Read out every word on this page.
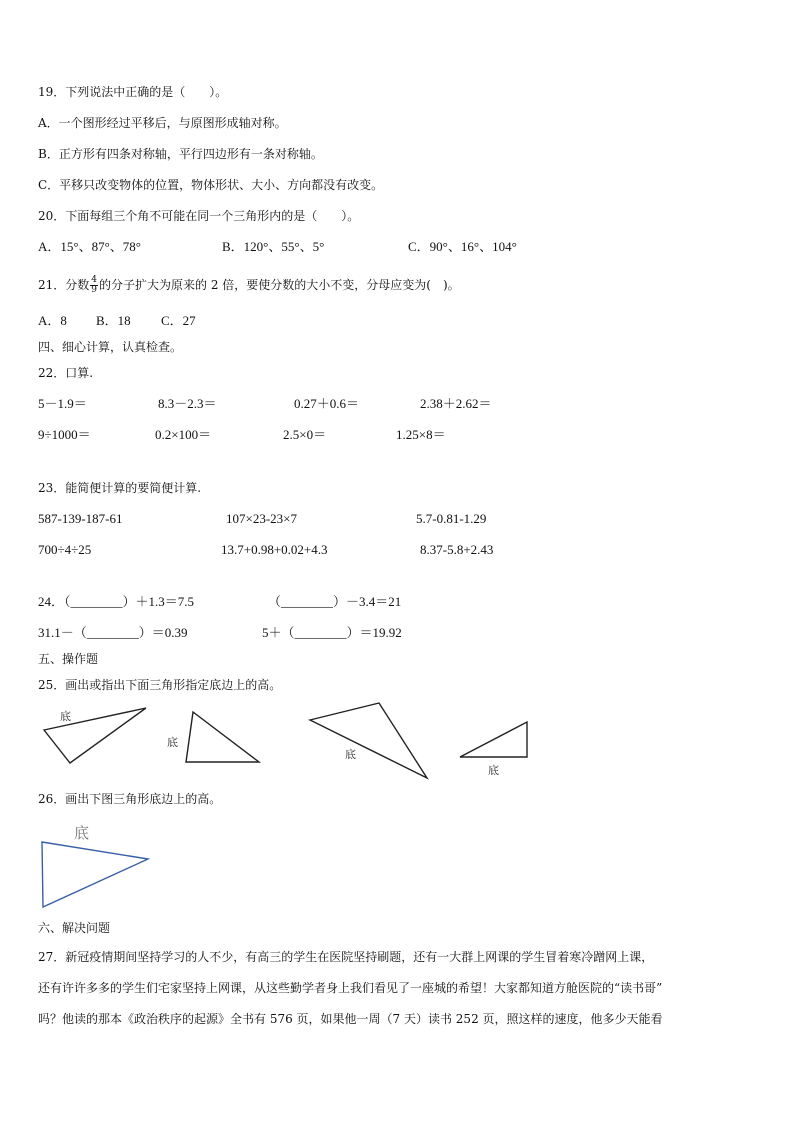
19．下列说法中正确的是（　　）。
A．一个图形经过平移后，与原图形成轴对称。
B．正方形有四条对称轴，平行四边形有一条对称轴。
C．平移只改变物体的位置，物体形状、大小、方向都没有改变。
20．下面每组三个角不可能在同一个三角形内的是（　　）。
A．15°、87°、78°	B．120°、55°、5°	C．90°、16°、104°
21．分数 $\frac{4}{9}$ 的分子扩大为原来的 2 倍，要使分数的大小不变，分母应变为(　)。
A．8 B．18 C．27
四、细心计算，认真检查。
22．口算.
5－1.9＝	8.3－2.3＝	0.27＋0.6＝	2.38＋2.62＝
9÷1000＝	0.2×100＝	2.5×0＝	1.25×8＝
23．能简便计算的要简便计算.
587-139-187-61	107×23-23×7	5.7-0.81-1.29
700÷4÷25	13.7+0.98+0.02+4.3	8.37-5.8+2.43
24．（________）＋1.3＝7.5	（________）－3.4＝21
31.1－（________）＝0.39	5＋（________）＝19.92
五、操作题
25．画出或指出下面三角形指定底边上的高。
底
底
底
底
底
26．画出下图三角形底边上的高。
六、解决问题
27．新冠疫情期间坚持学习的人不少，有高三的学生在医院坚持刷题，还有一大群上网课的学生冒着寒冷蹭网上课，
还有许许多多的学生们宅家坚持上网课，从这些勤学者身上我们看见了一座城的希望！大家都知道方舱医院的“读书哥”
吗？他读的那本《政治秩序的起源》全书有 576 页，如果他一周（7 天）读书 252 页，照这样的速度，他多少天能看
